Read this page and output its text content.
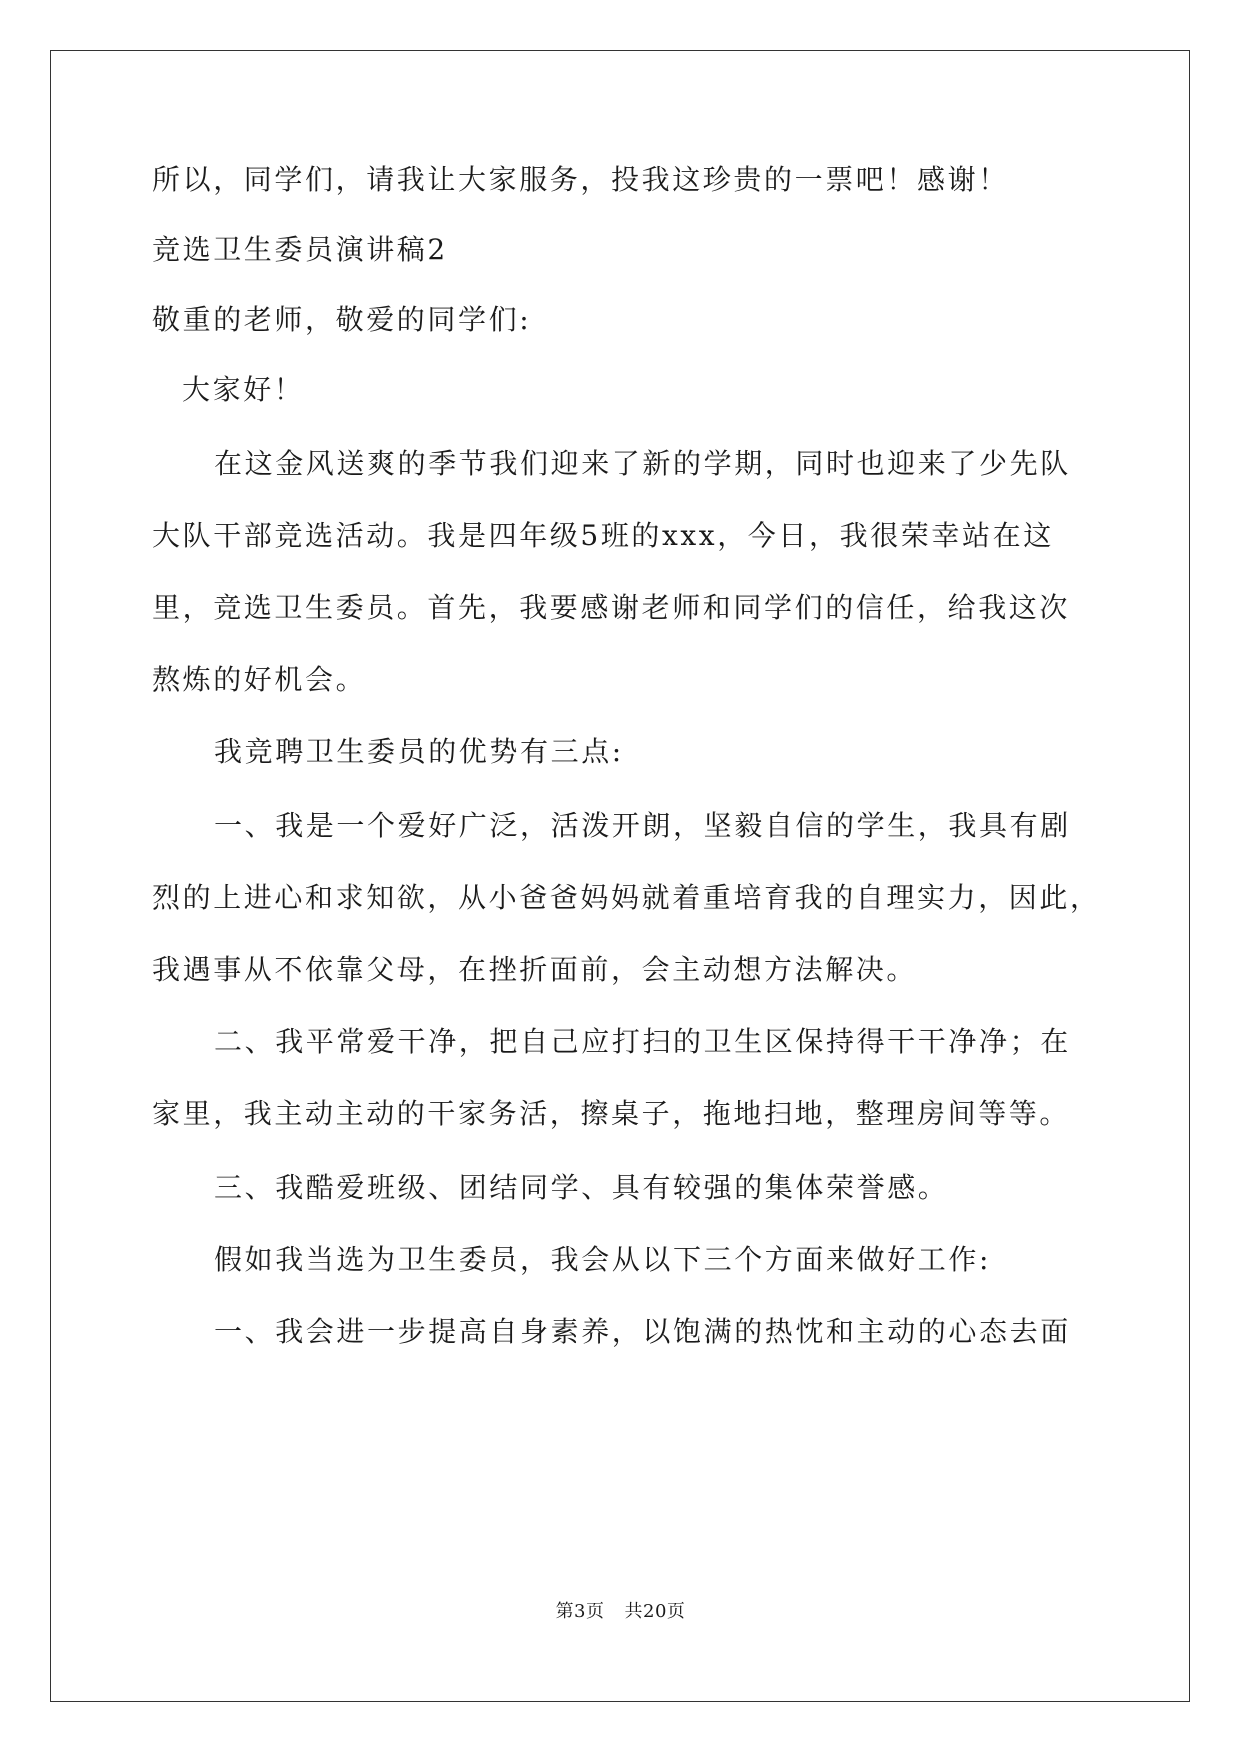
所以，同学们，请我让大家服务，投我这珍贵的一票吧！感谢！
竞选卫生委员演讲稿2
敬重的老师，敬爱的同学们:
大家好！
在这金风送爽的季节我们迎来了新的学期，同时也迎来了少先队
大队干部竞选活动。我是四年级5班的xxx，今日，我很荣幸站在这
里，竞选卫生委员。首先，我要感谢老师和同学们的信任，给我这次
熬炼的好机会。
我竞聘卫生委员的优势有三点:
一、我是一个爱好广泛，活泼开朗，坚毅自信的学生，我具有剧
烈的上进心和求知欲，从小爸爸妈妈就着重培育我的自理实力，因此，
我遇事从不依靠父母，在挫折面前，会主动想方法解决。
二、我平常爱干净，把自己应打扫的卫生区保持得干干净净；在
家里，我主动主动的干家务活，擦桌子，拖地扫地，整理房间等等。
三、我酷爱班级、团结同学、具有较强的集体荣誉感。
假如我当选为卫生委员，我会从以下三个方面来做好工作:
一、我会进一步提高自身素养，以饱满的热忱和主动的心态去面
第3页 共20页
